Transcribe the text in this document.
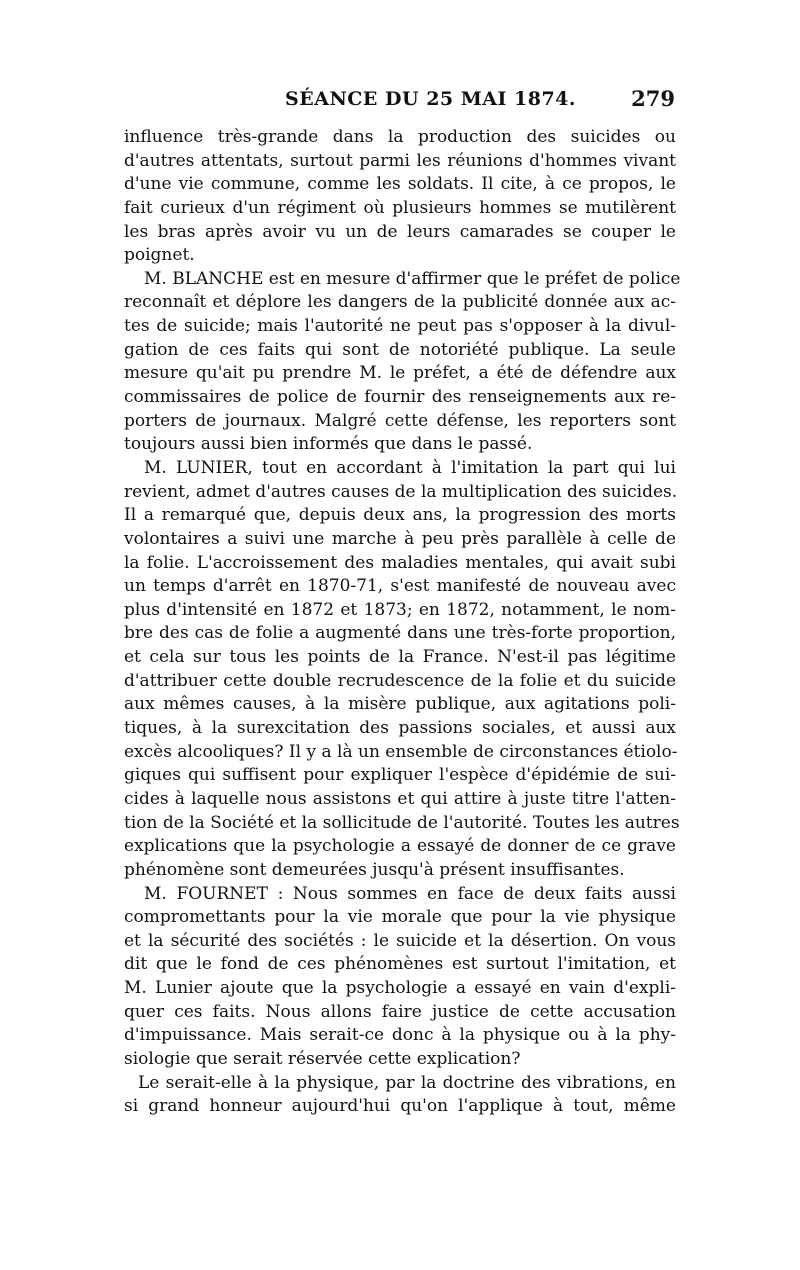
SÉANCE DU 25 MAI 1874.	279

influence très-grande dans la production des suicides ou
d'autres attentats, surtout parmi les réunions d'hommes vivant
d'une vie commune, comme les soldats. Il cite, à ce propos, le
fait curieux d'un régiment où plusieurs hommes se mutilèrent
les bras après avoir vu un de leurs camarades se couper le
poignet.

M. BLANCHE est en mesure d'affirmer que le préfet de police
reconnaît et déplore les dangers de la publicité donnée aux ac-
tes de suicide; mais l'autorité ne peut pas s'opposer à la divul-
gation de ces faits qui sont de notoriété publique. La seule
mesure qu'ait pu prendre M. le préfet, a été de défendre aux
commissaires de police de fournir des renseignements aux re-
porters de journaux. Malgré cette défense, les reporters sont
toujours aussi bien informés que dans le passé.

M. LUNIER, tout en accordant à l'imitation la part qui lui
revient, admet d'autres causes de la multiplication des suicides.
Il a remarqué que, depuis deux ans, la progression des morts
volontaires a suivi une marche à peu près parallèle à celle de
la folie. L'accroissement des maladies mentales, qui avait subi
un temps d'arrêt en 1870-71, s'est manifesté de nouveau avec
plus d'intensité en 1872 et 1873; en 1872, notamment, le nom-
bre des cas de folie a augmenté dans une très-forte proportion,
et cela sur tous les points de la France. N'est-il pas légitime
d'attribuer cette double recrudescence de la folie et du suicide
aux mêmes causes, à la misère publique, aux agitations poli-
tiques, à la surexcitation des passions sociales, et aussi aux
excès alcooliques? Il y a là un ensemble de circonstances étiolo-
giques qui suffisent pour expliquer l'espèce d'épidémie de sui-
cides à laquelle nous assistons et qui attire à juste titre l'atten-
tion de la Société et la sollicitude de l'autorité. Toutes les autres
explications que la psychologie a essayé de donner de ce grave
phénomène sont demeurées jusqu'à présent insuffisantes.

M. FOURNET : Nous sommes en face de deux faits aussi
compromettants pour la vie morale que pour la vie physique
et la sécurité des sociétés : le suicide et la désertion. On vous
dit que le fond de ces phénomènes est surtout l'imitation, et
M. Lunier ajoute que la psychologie a essayé en vain d'expli-
quer ces faits. Nous allons faire justice de cette accusation
d'impuissance. Mais serait-ce donc à la physique ou à la phy-
siologie que serait réservée cette explication?

Le serait-elle à la physique, par la doctrine des vibrations, en
si grand honneur aujourd'hui qu'on l'applique à tout, même
